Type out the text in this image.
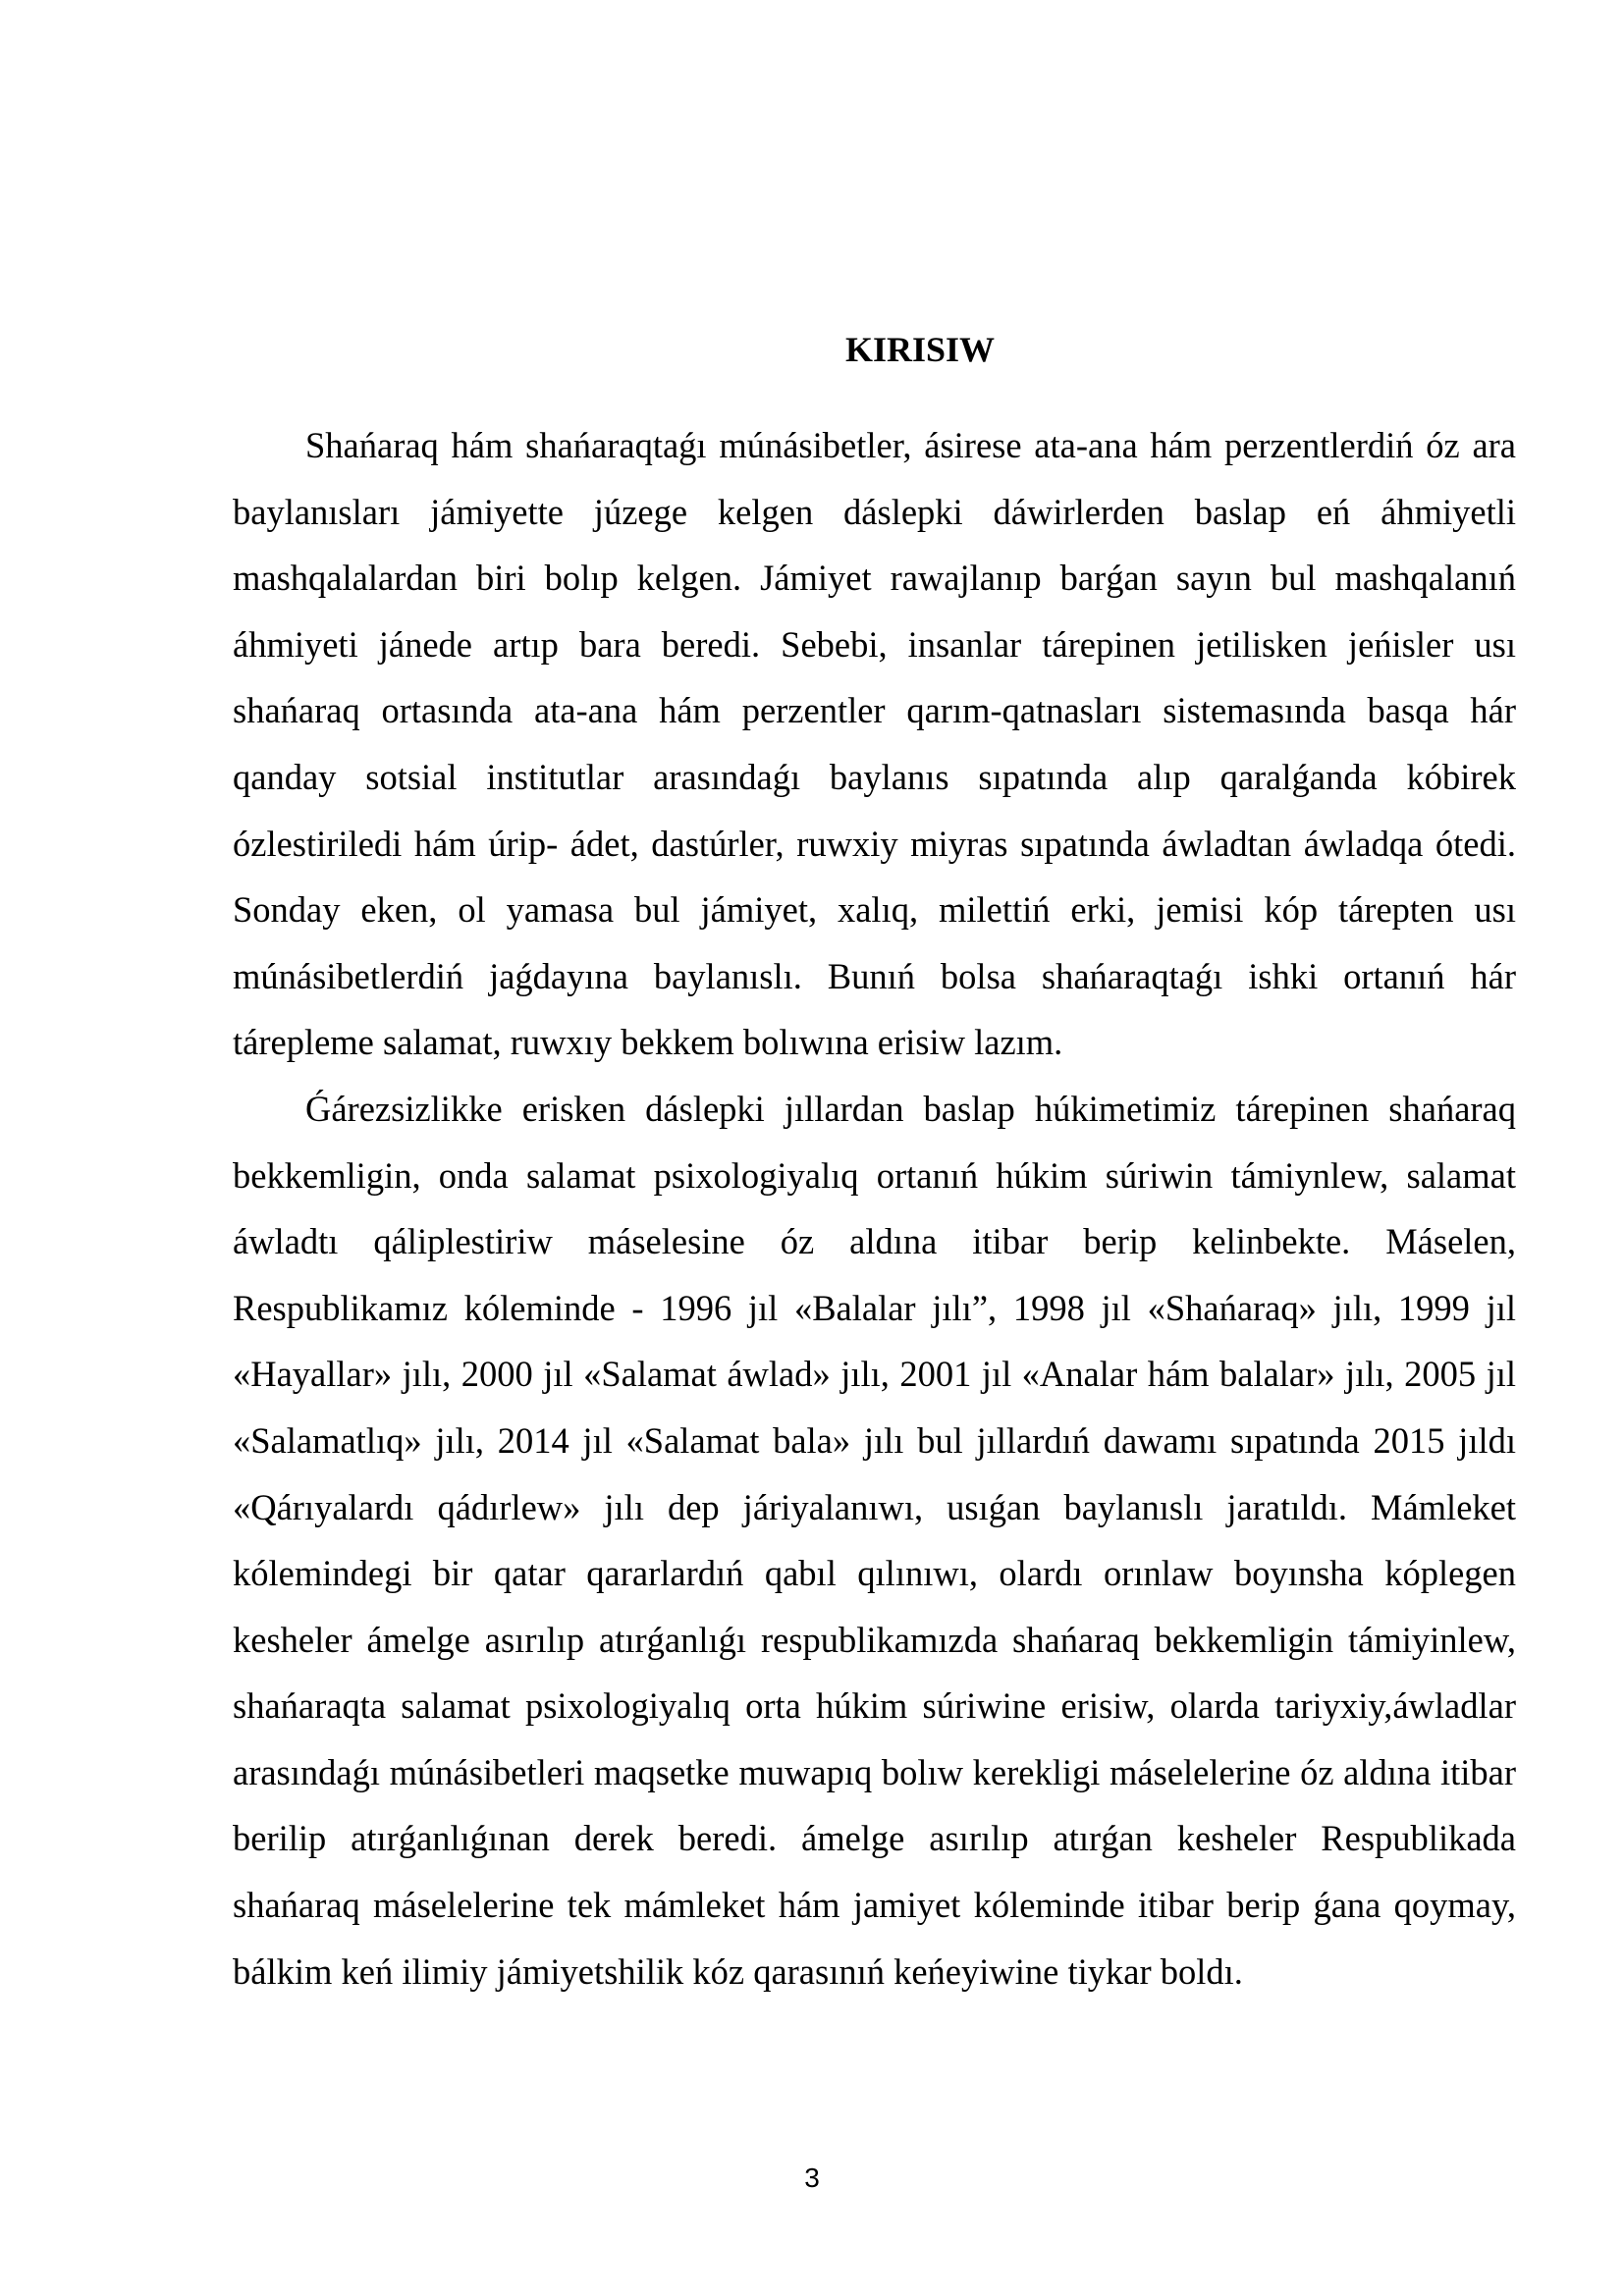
KIRISIW

Shańaraq hám shańaraqtaǵı múnásibetler, ásirese ata-ana hám perzentlerdiń óz ara baylanısları jámiyette júzege kelgen dáslepki dáwirlerden baslap eń áhmiyetli mashqalalardan biri bolıp kelgen. Jámiyet rawajlanıp barǵan sayın bul mashqalanıń áhmiyeti jánede artıp bara beredi. Sebebi, insanlar tárepinen jetilisken jeńisler usı shańaraq ortasında ata-ana hám perzentler qarım-qatnasları sistemasında basqa hár qanday sotsial institutlar arasındaǵı baylanıs sıpatında alıp qaralǵanda kóbirek ózlestiriledi hám úrip- ádet, dastúrler, ruwxiy miyras sıpatında áwladtan áwladqa ótedi. Sonday eken, ol yamasa bul jámiyet, xalıq, milettiń erki, jemisi kóp tárepten usı múnásibetlerdiń jaǵdayına baylanıslı. Bunıń bolsa shańaraqtaǵı ishki ortanıń hár tárepleme salamat, ruwxıy bekkem bolıwına erisiw lazım.

Ǵárezsizlikke erisken dáslepki jıllardan baslap húkimetimiz tárepinen shańaraq bekkemligin, onda salamat psixologiyalıq ortanıń húkim súriwin támiynlew, salamat áwladtı qáliplestiriw máselesine óz aldına itibar berip kelinbekte. Máselen, Respublikamız kóleminde - 1996 jıl «Balalar jılı”, 1998 jıl «Shańaraq» jılı, 1999 jıl «Hayallar» jılı, 2000 jıl «Salamat áwlad» jılı, 2001 jıl «Analar hám balalar» jılı, 2005 jıl «Salamatlıq» jılı, 2014 jıl «Salamat bala» jılı bul jıllardıń dawamı sıpatında 2015 jıldı «Qárıyalardı qádırlew» jılı dep járiyalanıwı, usıǵan baylanıslı jaratıldı. Mámleket kólemindegi bir qatar qararlardıń qabıl qılınıwı, olardı orınlaw boyınsha kóplegen kesheler ámelge asırılıp atırǵanlıǵı respublikamızda shańaraq bekkemligin támiyinlew, shańaraqta salamat psixologiyalıq orta húkim súriwine erisiw, olarda tariyxiy,áwladlar arasındaǵı múnásibetleri maqsetke muwapıq bolıw kerekligi máselelerine óz aldına itibar berilip atırǵanlıǵınan derek beredi. ámelge asırılıp atırǵan kesheler Respublikada shańaraq máselelerine tek mámleket hám jamiyet kóleminde itibar berip ǵana qoymay, bálkim keń ilimiy jámiyetshilik kóz qarasınıń keńeyiwine tiykar boldı.

3
